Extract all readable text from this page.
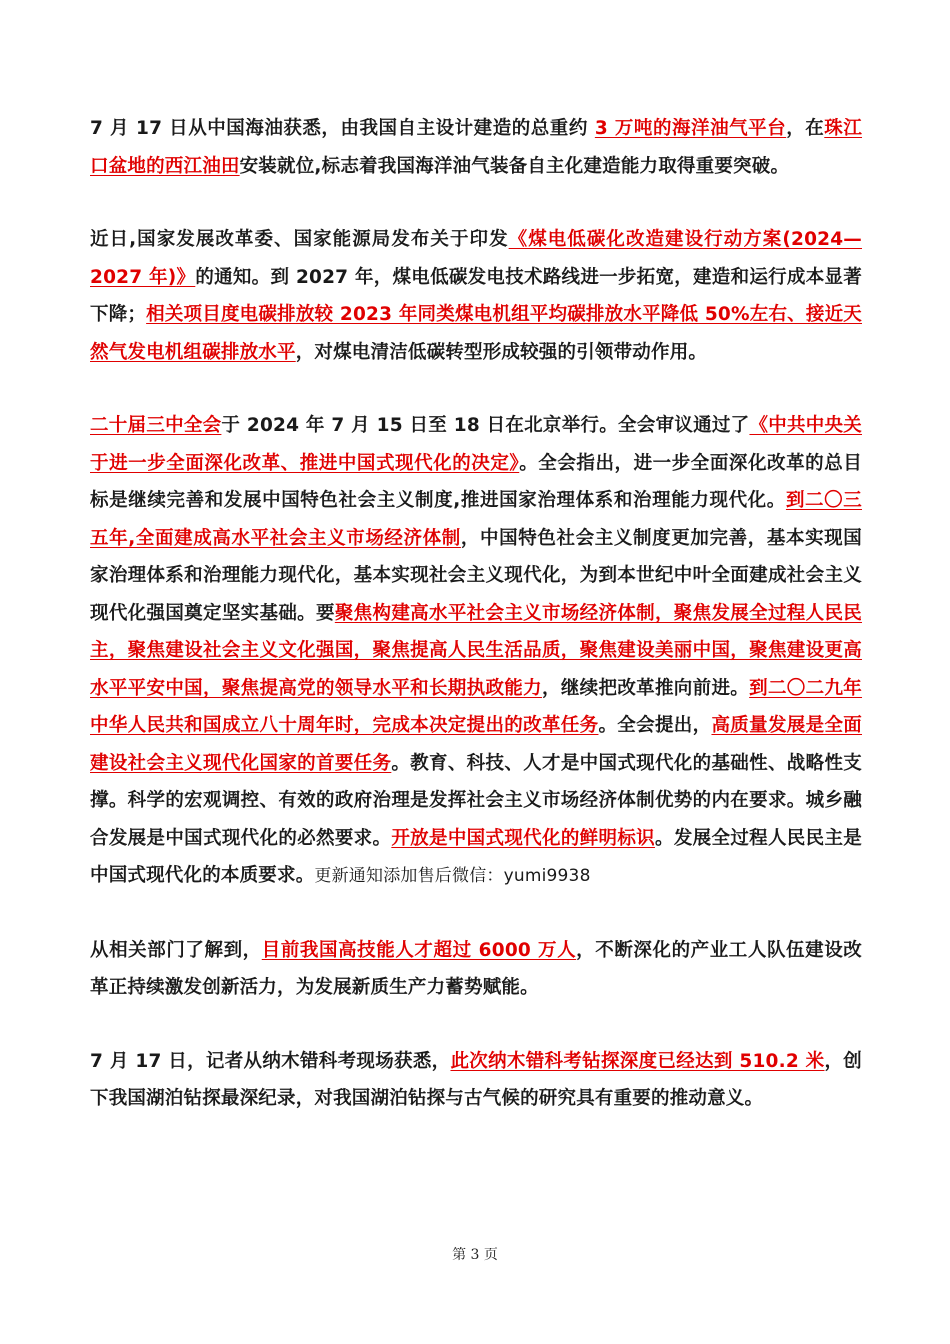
7 月 17 日从中国海油获悉，由我国自主设计建造的总重约 3 万吨的海洋油气平台，在珠江口盆地的西江油田安装就位,标志着我国海洋油气装备自主化建造能力取得重要突破。

近日,国家发展改革委、国家能源局发布关于印发《煤电低碳化改造建设行动方案(2024—2027 年)》的通知。到 2027 年，煤电低碳发电技术路线进一步拓宽，建造和运行成本显著下降；相关项目度电碳排放较 2023 年同类煤电机组平均碳排放水平降低 50%左右、接近天然气发电机组碳排放水平，对煤电清洁低碳转型形成较强的引领带动作用。

二十届三中全会于 2024 年 7 月 15 日至 18 日在北京举行。全会审议通过了《中共中央关于进一步全面深化改革、推进中国式现代化的决定》。全会指出，进一步全面深化改革的总目标是继续完善和发展中国特色社会主义制度,推进国家治理体系和治理能力现代化。到二〇三五年,全面建成高水平社会主义市场经济体制，中国特色社会主义制度更加完善，基本实现国家治理体系和治理能力现代化，基本实现社会主义现代化，为到本世纪中叶全面建成社会主义现代化强国奠定坚实基础。要聚焦构建高水平社会主义市场经济体制，聚焦发展全过程人民民主，聚焦建设社会主义文化强国，聚焦提高人民生活品质，聚焦建设美丽中国，聚焦建设更高水平平安中国，聚焦提高党的领导水平和长期执政能力，继续把改革推向前进。到二〇二九年中华人民共和国成立八十周年时，完成本决定提出的改革任务。全会提出，高质量发展是全面建设社会主义现代化国家的首要任务。教育、科技、人才是中国式现代化的基础性、战略性支撑。科学的宏观调控、有效的政府治理是发挥社会主义市场经济体制优势的内在要求。城乡融合发展是中国式现代化的必然要求。开放是中国式现代化的鲜明标识。发展全过程人民民主是中国式现代化的本质要求。更新通知添加售后微信：yumi9938

从相关部门了解到，目前我国高技能人才超过 6000 万人，不断深化的产业工人队伍建设改革正持续激发创新活力，为发展新质生产力蓄势赋能。

7 月 17 日，记者从纳木错科考现场获悉，此次纳木错科考钻探深度已经达到 510.2 米，创下我国湖泊钻探最深纪录，对我国湖泊钻探与古气候的研究具有重要的推动意义。

第 3 页
